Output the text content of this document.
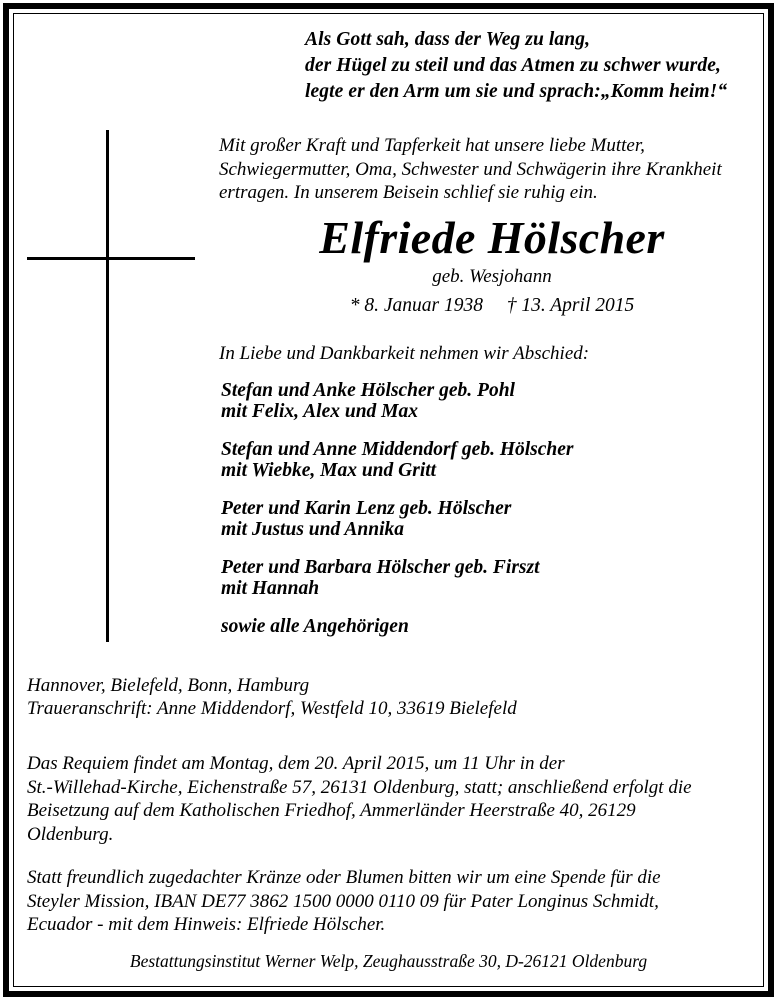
Als Gott sah, dass der Weg zu lang,
der Hügel zu steil und das Atmen zu schwer wurde,
legte er den Arm um sie und sprach:„Komm heim!“
Mit großer Kraft und Tapferkeit hat unsere liebe Mutter,
Schwiegermutter, Oma, Schwester und Schwägerin ihre Krankheit
ertragen. In unserem Beisein schlief sie ruhig ein.
Elfriede Hölscher
geb. Wesjohann
* 8. Januar 1938 † 13. April 2015
In Liebe und Dankbarkeit nehmen wir Abschied:
Stefan und Anke Hölscher geb. Pohl
mit Felix, Alex und Max
Stefan und Anne Middendorf geb. Hölscher
mit Wiebke, Max und Gritt
Peter und Karin Lenz geb. Hölscher
mit Justus und Annika
Peter und Barbara Hölscher geb. Firszt
mit Hannah
sowie alle Angehörigen
Hannover, Bielefeld, Bonn, Hamburg
Traueranschrift: Anne Middendorf, Westfeld 10, 33619 Bielefeld
Das Requiem findet am Montag, dem 20. April 2015, um 11 Uhr in der
St.-Willehad-Kirche, Eichenstraße 57, 26131 Oldenburg, statt; anschließend erfolgt die
Beisetzung auf dem Katholischen Friedhof, Ammerländer Heerstraße 40, 26129
Oldenburg.
Statt freundlich zugedachter Kränze oder Blumen bitten wir um eine Spende für die
Steyler Mission, IBAN DE77 3862 1500 0000 0110 09 für Pater Longinus Schmidt,
Ecuador - mit dem Hinweis: Elfriede Hölscher.
Bestattungsinstitut Werner Welp, Zeughausstraße 30, D-26121 Oldenburg
